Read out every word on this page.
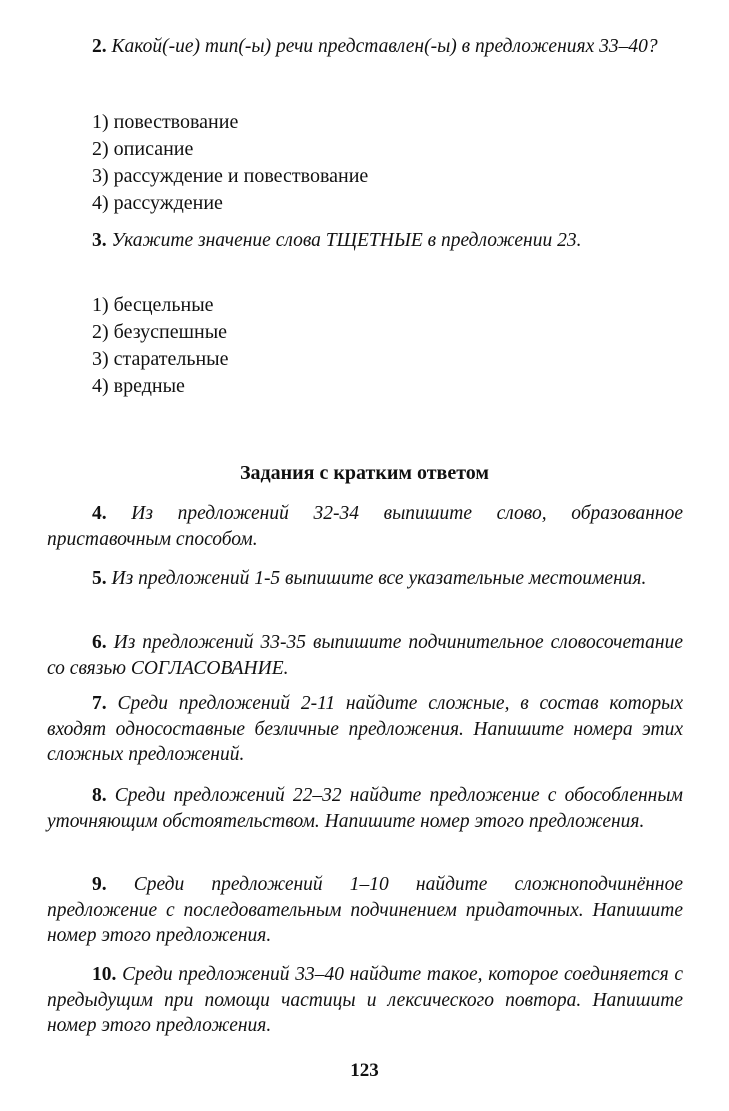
2. Какой(-ие) тип(-ы) речи представлен(-ы) в предложениях 33–40?
1) повествование
2) описание
3) рассуждение и повествование
4) рассуждение
3. Укажите значение слова ТЩЕТНЫЕ в предложении 23.
1) бесцельные
2) безуспешные
3) старательные
4) вредные
Задания с кратким ответом
4. Из предложений 32-34 выпишите слово, образованное приставочным способом.
5. Из предложений 1-5 выпишите все указательные местоимения.
6. Из предложений 33-35 выпишите подчинительное словосочетание со связью СОГЛАСОВАНИЕ.
7. Среди предложений 2-11 найдите сложные, в состав которых входят односоставные безличные предложения. Напишите номера этих сложных предложений.
8. Среди предложений 22–32 найдите предложение с обособленным уточняющим обстоятельством. Напишите номер этого предложения.
9. Среди предложений 1–10 найдите сложноподчинённое предложение с последовательным подчинением придаточных. Напишите номер этого предложения.
10. Среди предложений 33–40 найдите такое, которое соединяется с предыдущим при помощи частицы и лексического повтора. Напишите номер этого предложения.
123
